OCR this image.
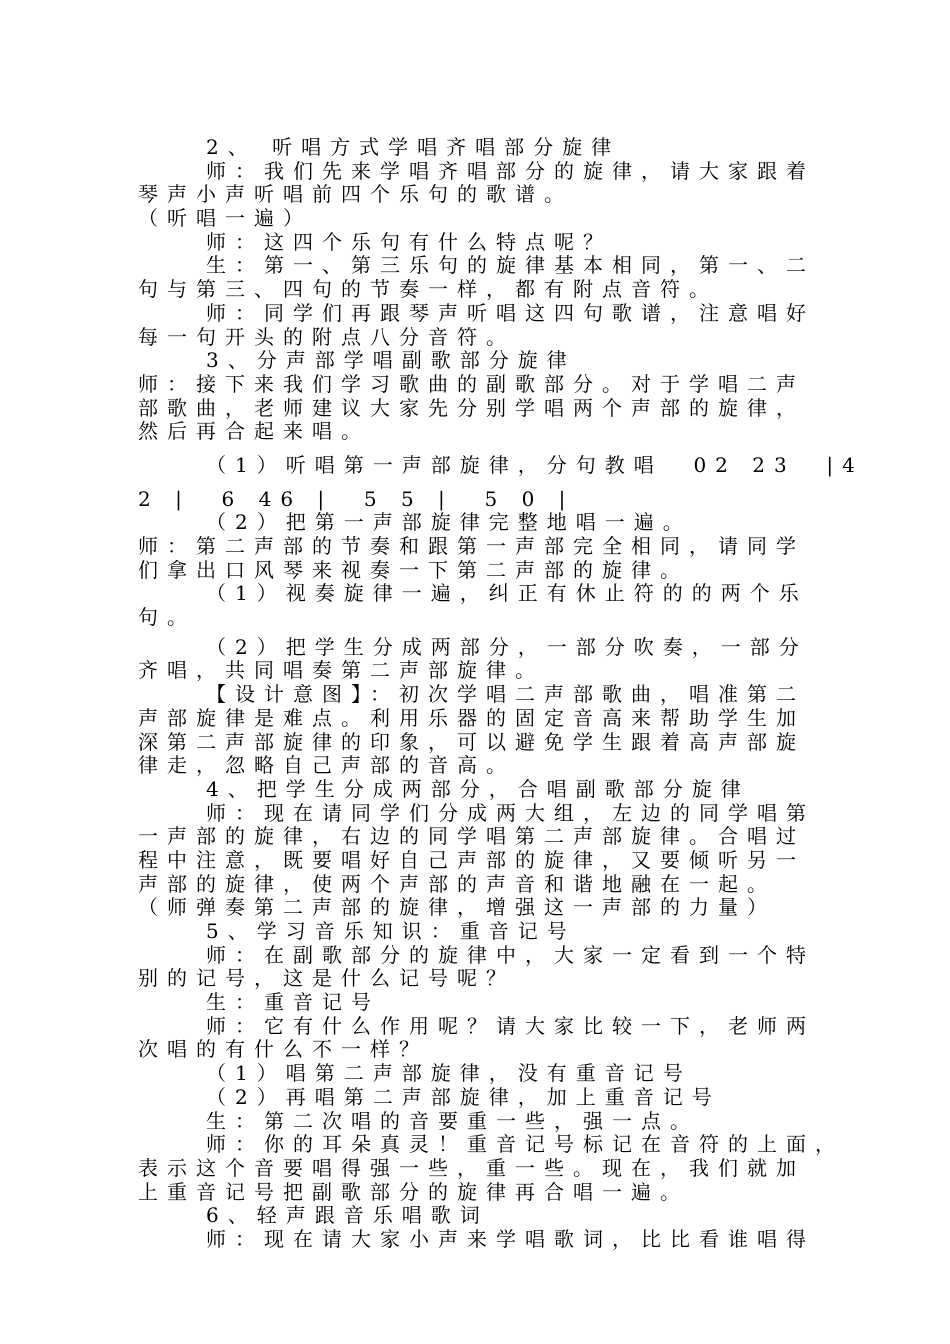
2、 听唱方式学唱齐唱部分旋律
师：我们先来学唱齐唱部分的旋律，请大家跟着
琴声小声听唱前四个乐句的歌谱。
（听唱一遍）
师：这四个乐句有什么特点呢？
生：第一、第三乐句的旋律基本相同，第一、二
句与第三、四句的节奏一样，都有附点音符。
师：同学们再跟琴声听唱这四句歌谱，注意唱好
每一句开头的附点八分音符。
3、分声部学唱副歌部分旋律
师：接下来我们学习歌曲的副歌部分。对于学唱二声
部歌曲，老师建议大家先分别学唱两个声部的旋律，
然后再合起来唱。
（1）听唱第一声部旋律，分句教唱  02 23  |4
2 |  6 46 |  5 5 |  5 0 |
（2）把第一声部旋律完整地唱一遍。
师：第二声部的节奏和跟第一声部完全相同，请同学
们拿出口风琴来视奏一下第二声部的旋律。
（1）视奏旋律一遍，纠正有休止符的的两个乐
句。
（2）把学生分成两部分，一部分吹奏，一部分
齐唱，共同唱奏第二声部旋律。
【设计意图】：初次学唱二声部歌曲，唱准第二
声部旋律是难点。利用乐器的固定音高来帮助学生加
深第二声部旋律的印象，可以避免学生跟着高声部旋
律走，忽略自己声部的音高。
4、把学生分成两部分，合唱副歌部分旋律
师：现在请同学们分成两大组，左边的同学唱第
一声部的旋律，右边的同学唱第二声部旋律。合唱过
程中注意，既要唱好自己声部的旋律，又要倾听另一
声部的旋律，使两个声部的声音和谐地融在一起。
（师弹奏第二声部的旋律，增强这一声部的力量）
5、学习音乐知识：重音记号
师：在副歌部分的旋律中，大家一定看到一个特
别的记号，这是什么记号呢？
生：重音记号
师：它有什么作用呢？请大家比较一下，老师两
次唱的有什么不一样？
（1）唱第二声部旋律，没有重音记号
（2）再唱第二声部旋律，加上重音记号
生：第二次唱的音要重一些，强一点。
师：你的耳朵真灵！重音记号标记在音符的上面，
表示这个音要唱得强一些，重一些。现在，我们就加
上重音记号把副歌部分的旋律再合唱一遍。
6、轻声跟音乐唱歌词
师：现在请大家小声来学唱歌词，比比看谁唱得
